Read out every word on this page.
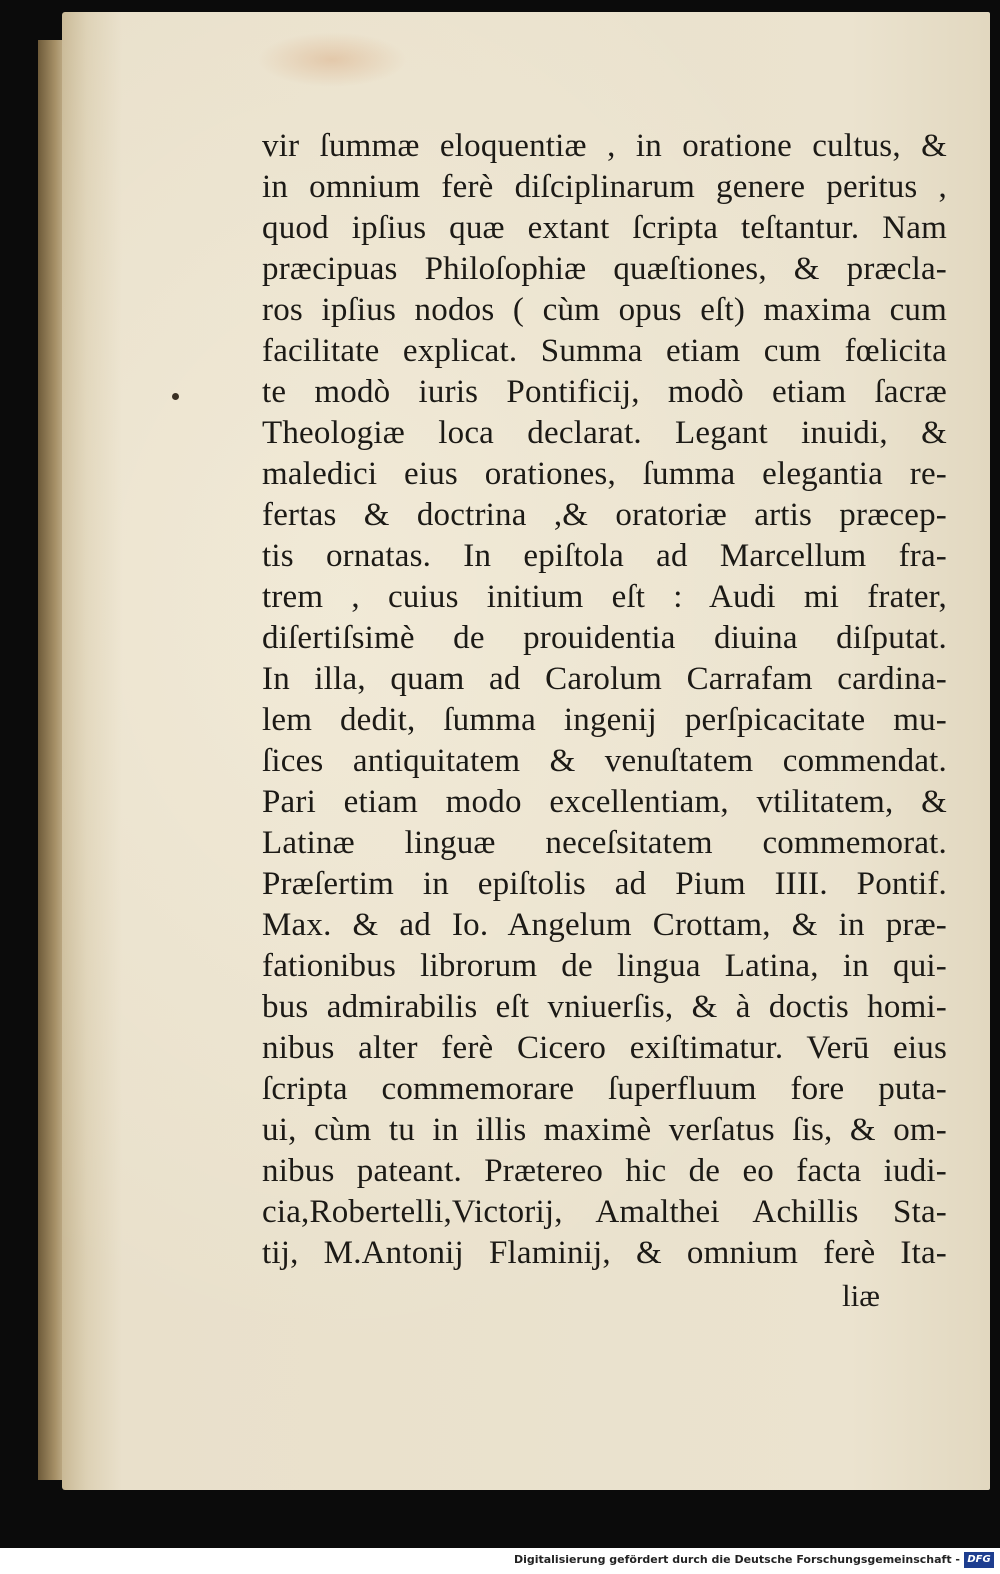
vir ſummæ eloquentiæ , in oratione cultus, &
in omnium ferè diſciplinarum genere peritus ,
quod ipſius quæ extant ſcripta teſtantur. Nam
præcipuas Philoſophiæ quæſtiones, & præcla-
ros ipſius nodos ( cùm opus eſt) maxima cum
facilitate explicat. Summa etiam cum fœlicita
te modò iuris Pontificij, modò etiam ſacræ
Theologiæ loca declarat. Legant inuidi, &
maledici eius orationes, ſumma elegantia re-
fertas & doctrina ,& oratoriæ artis præcep-
tis ornatas. In epiſtola ad Marcellum fra-
trem , cuius initium eſt : Audi mi frater,
diſertiſsimè de prouidentia diuina diſputat.
In illa, quam ad Carolum Carrafam cardina-
lem dedit, ſumma ingenij perſpicacitate mu-
ſices antiquitatem & venuſtatem commendat.
Pari etiam modo excellentiam, vtilitatem, &
Latinæ linguæ neceſsitatem commemorat.
Præſertim in epiſtolis ad Pium IIII. Pontif.
Max. & ad Io. Angelum Crottam, & in præ-
fationibus librorum de lingua Latina, in qui-
bus admirabilis eſt vniuerſis, & à doctis homi-
nibus alter ferè Cicero exiſtimatur. Verū eius
ſcripta commemorare ſuperfluum fore puta-
ui, cùm tu in illis maximè verſatus ſis, & om-
nibus pateant. Prætereo hic de eo facta iudi-
cia,Robertelli,Victorij, Amalthei Achillis Sta-
tij, M.Antonij Flaminij, & omnium ferè Ita-
liæ
Digitalisierung gefördert durch die Deutsche Forschungsgemeinschaft - DFG
